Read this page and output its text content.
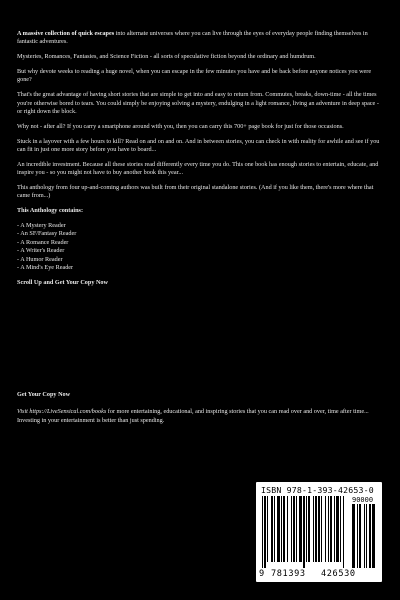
A massive collection of quick escapes into alternate universes where you can live through the eyes of everyday people finding themselves in fantastic adventures.

Mysteries, Romances, Fantasies, and Science Fiction - all sorts of speculative fiction beyond the ordinary and humdrum.

But why devote weeks to reading a huge novel, when you can escape in the few minutes you have and be back before anyone notices you were gone?

That's the great advantage of having short stories that are simple to get into and easy to return from. Commutes, breaks, down-time - all the times you're otherwise bored to tears. You could simply be enjoying solving a mystery, endulging in a light romance, living an adventure in deep space - or right down the block.

Why not - after all? If you carry a smartphone around with you, then you can carry this 700+ page book for just for those occasions.

Stuck in a layover with a few hours to kill? Read on and on and on. And in between stories, you can check in with reality for awhile and see if you can fit in just one more story before you have to board...

An incredible investment. Because all these stories read differently every time you do. This one book has enough stories to entertain, educate, and inspire you - so you might not have to buy another book this year...

This anthology from four up-and-coming authors was built from their original standalone stories. (And if you like them, there's more where that came from...)

This Anthology contains:

- A Mystery Reader
- An SF/Fantasy Reader
- A Romance Reader
- A Writer's Reader
- A Humor Reader
- A Mind's Eye Reader

Scroll Up and Get Your Copy Now

Get Your Copy Now

Visit https://LiveSensical.com/books for more entertaining, educational, and inspiring stories that you can read over and over, time after time... Investing in your entertainment is better than just spending.

ISBN 978-1-393-42653-0
90000
9 781393 426530
